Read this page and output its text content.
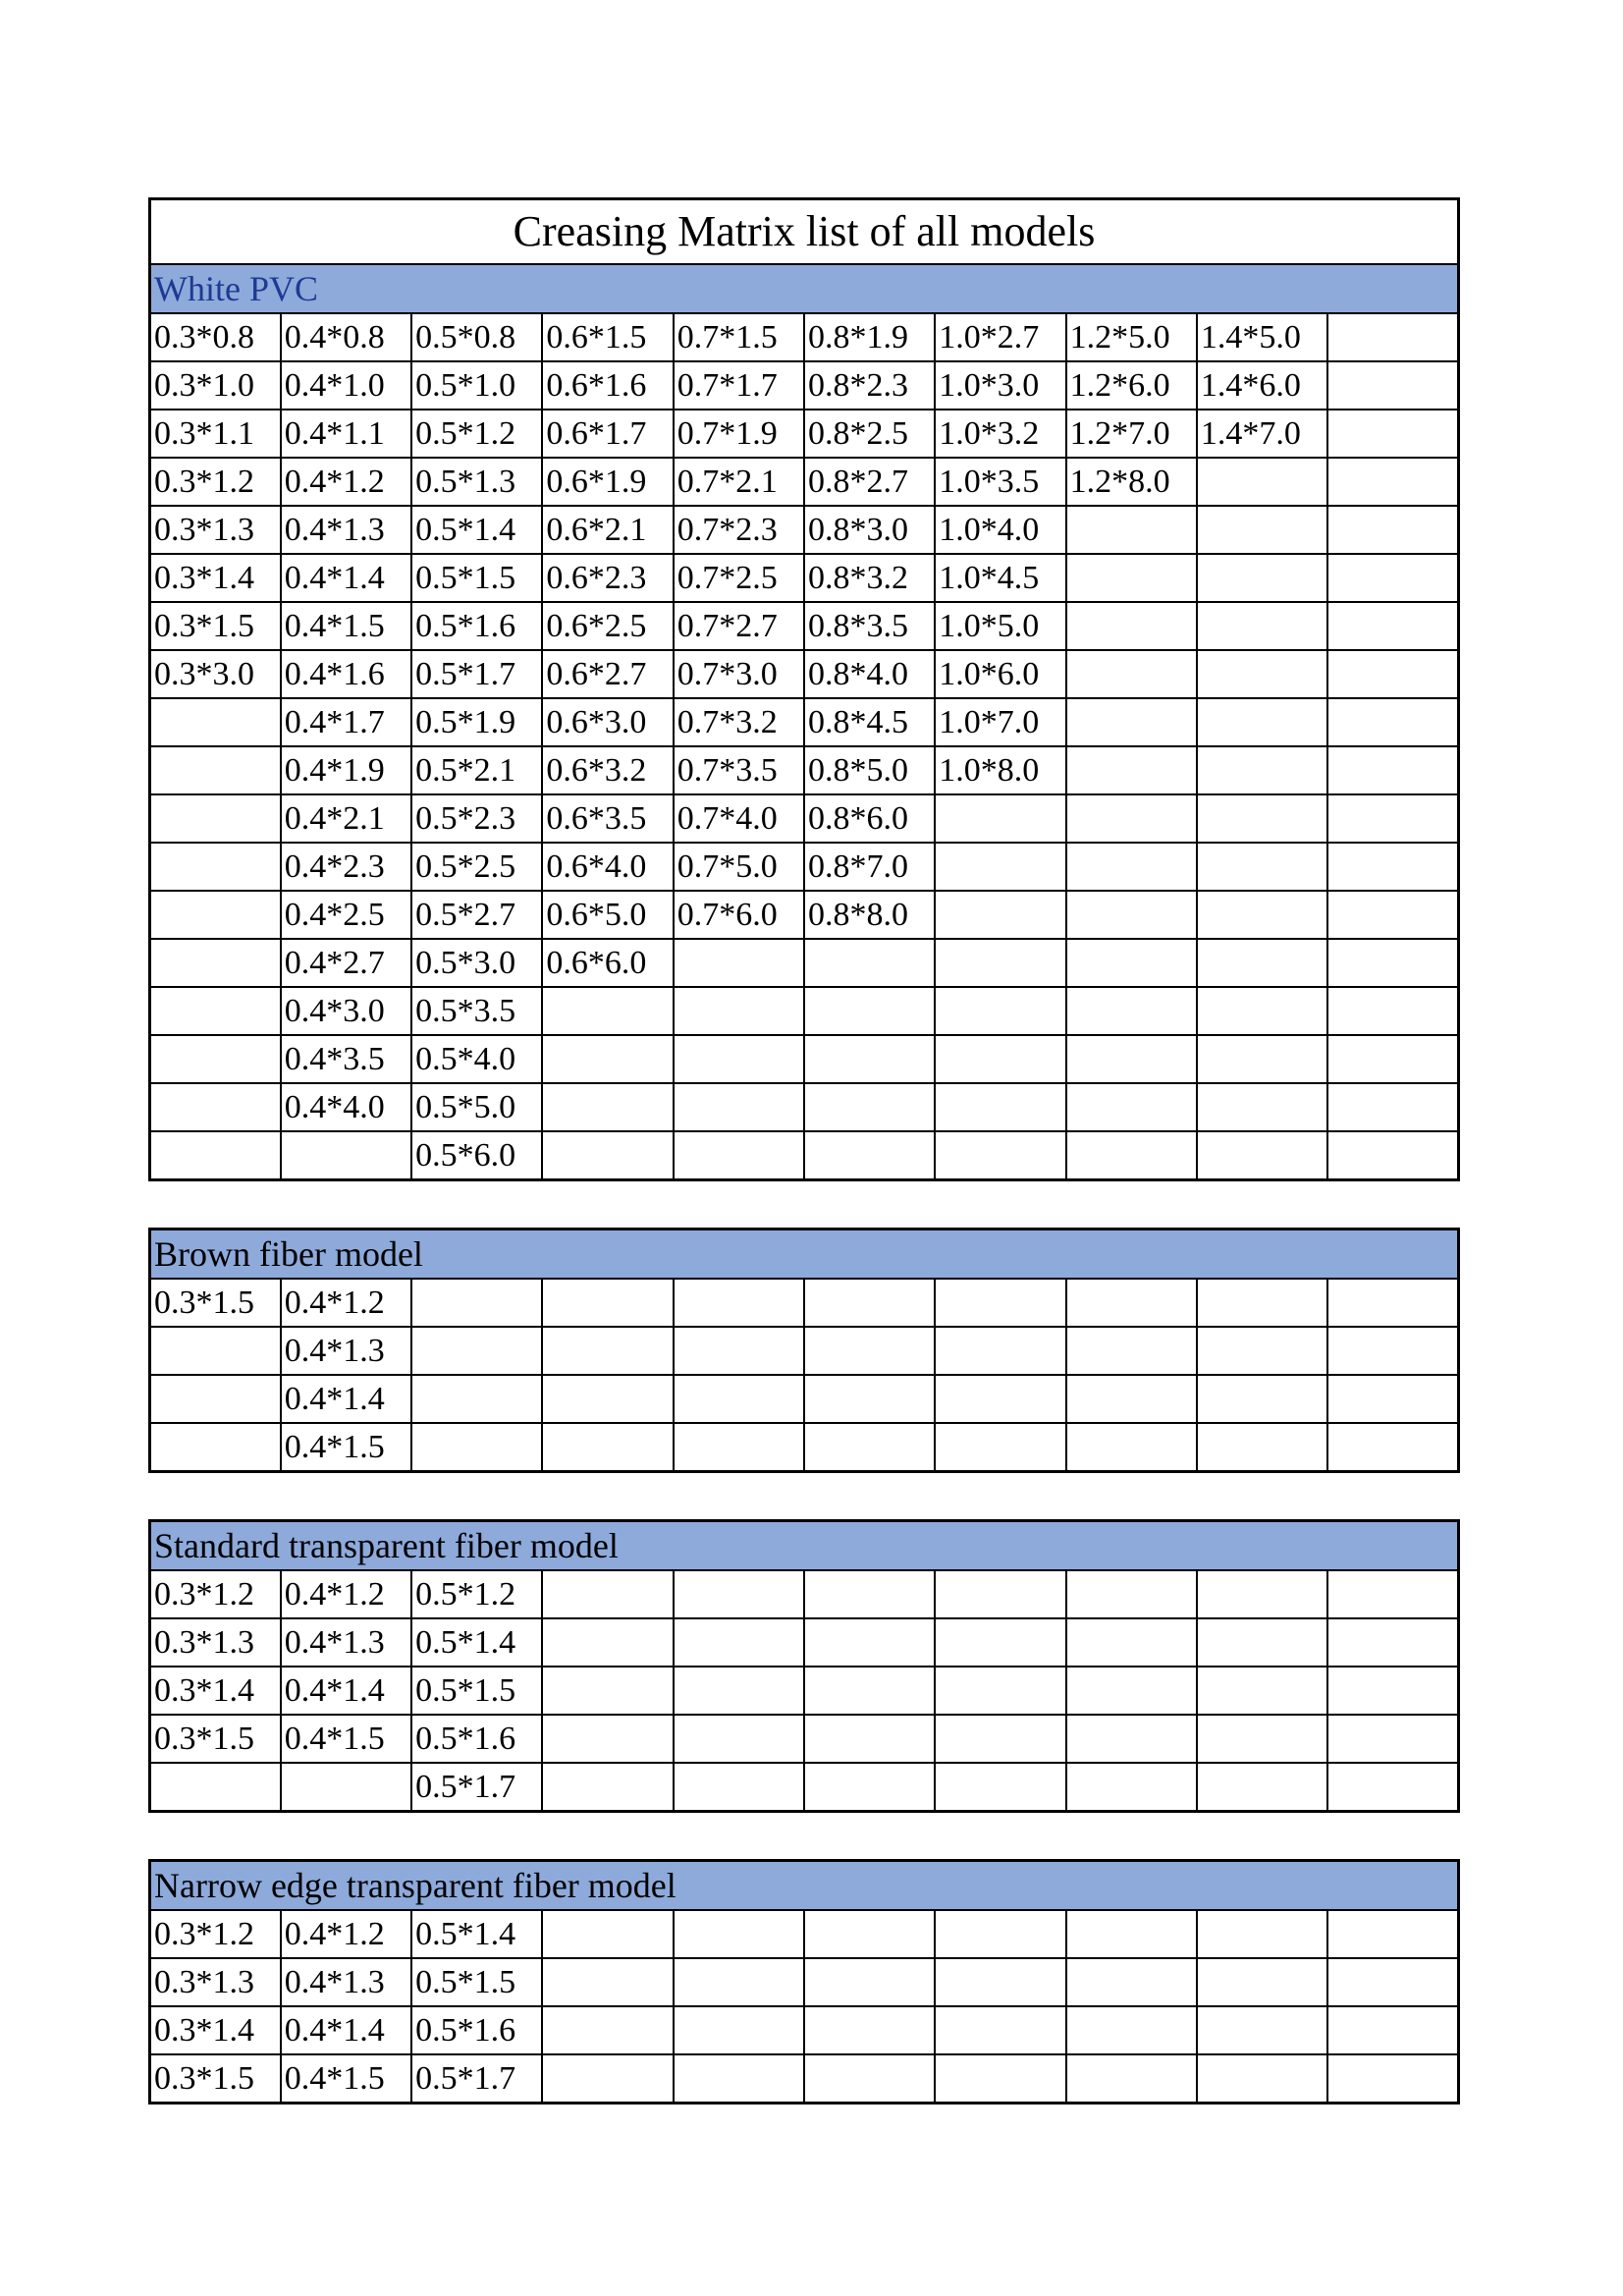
Creasing Matrix list of all models									
White PVC									
0.3*0.8	0.4*0.8	0.5*0.8	0.6*1.5	0.7*1.5	0.8*1.9	1.0*2.7	1.2*5.0	1.4*5.0	
0.3*1.0	0.4*1.0	0.5*1.0	0.6*1.6	0.7*1.7	0.8*2.3	1.0*3.0	1.2*6.0	1.4*6.0	
0.3*1.1	0.4*1.1	0.5*1.2	0.6*1.7	0.7*1.9	0.8*2.5	1.0*3.2	1.2*7.0	1.4*7.0	
0.3*1.2	0.4*1.2	0.5*1.3	0.6*1.9	0.7*2.1	0.8*2.7	1.0*3.5	1.2*8.0		
0.3*1.3	0.4*1.3	0.5*1.4	0.6*2.1	0.7*2.3	0.8*3.0	1.0*4.0			
0.3*1.4	0.4*1.4	0.5*1.5	0.6*2.3	0.7*2.5	0.8*3.2	1.0*4.5			
0.3*1.5	0.4*1.5	0.5*1.6	0.6*2.5	0.7*2.7	0.8*3.5	1.0*5.0			
0.3*3.0	0.4*1.6	0.5*1.7	0.6*2.7	0.7*3.0	0.8*4.0	1.0*6.0			
	0.4*1.7	0.5*1.9	0.6*3.0	0.7*3.2	0.8*4.5	1.0*7.0			
	0.4*1.9	0.5*2.1	0.6*3.2	0.7*3.5	0.8*5.0	1.0*8.0			
	0.4*2.1	0.5*2.3	0.6*3.5	0.7*4.0	0.8*6.0				
	0.4*2.3	0.5*2.5	0.6*4.0	0.7*5.0	0.8*7.0				
	0.4*2.5	0.5*2.7	0.6*5.0	0.7*6.0	0.8*8.0				
	0.4*2.7	0.5*3.0	0.6*6.0						
	0.4*3.0	0.5*3.5							
	0.4*3.5	0.5*4.0							
	0.4*4.0	0.5*5.0							
		0.5*6.0							
Brown fiber model									
0.3*1.5	0.4*1.2								
	0.4*1.3								
	0.4*1.4								
	0.4*1.5								
Standard transparent fiber model									
0.3*1.2	0.4*1.2	0.5*1.2							
0.3*1.3	0.4*1.3	0.5*1.4							
0.3*1.4	0.4*1.4	0.5*1.5							
0.3*1.5	0.4*1.5	0.5*1.6							
		0.5*1.7							
Narrow edge transparent fiber model									
0.3*1.2	0.4*1.2	0.5*1.4							
0.3*1.3	0.4*1.3	0.5*1.5							
0.3*1.4	0.4*1.4	0.5*1.6							
0.3*1.5	0.4*1.5	0.5*1.7							
